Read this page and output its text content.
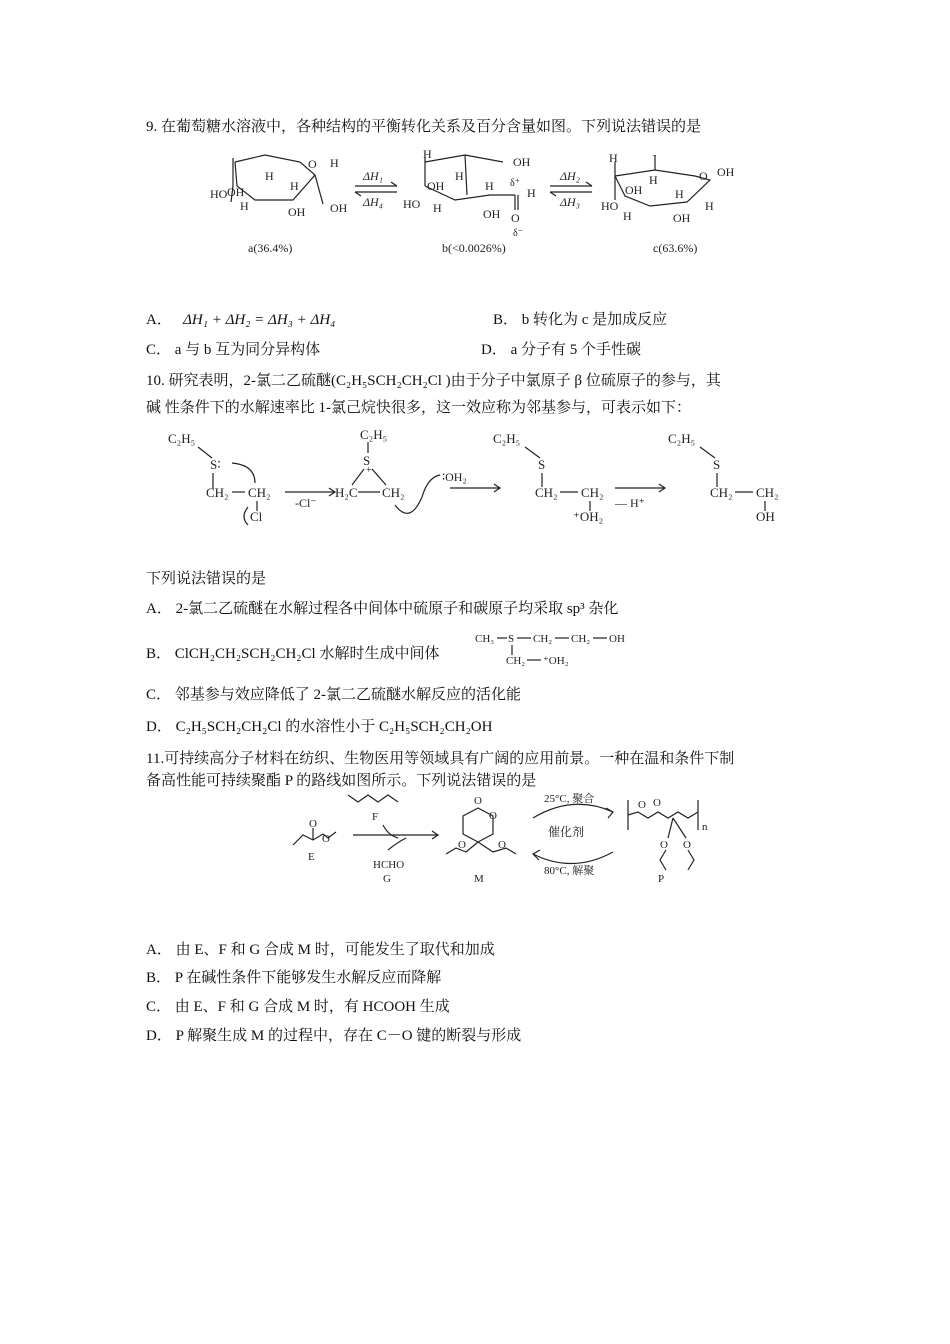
9. 在葡萄糖水溶液中，各种结构的平衡转化关系及百分含量如图。下列说法错误的是
O H
OH
H
HO
H
H
OH OH
a(36.4%)
ΔH₁
ΔH₄
H
OH
OH
H
HO H
H
OH
δ⁺
H
O
δ⁻
b(<0.0026%)
ΔH₂
ΔH₃
H	-
O OH
OH
H
HO
H
H
OH
H
c(63.6%)
A． ΔH₁ + ΔH₂ = ΔH₃ + ΔH₄	B． b 转化为 c 是加成反应
C． a 与 b 互为同分异构体	D． a 分子有 5 个手性碳
10. 研究表明，2-氯二乙硫醚(C₂H₅SCH₂CH₂Cl )由于分子中氯原子 β 位硫原子的参与，其
碱 性条件下的水解速率比 1-氯己烷快很多，这一效应称为邻基参与，可表示如下：
C₂H₅
S∶
CH₂ CH₂
Cl
-Cl⁻
C₂H₅
S
+
H₂C CH₂
∶OH₂
C₂H₅
S
CH₂ CH₂
⁺OH₂
— H⁺
C₂H₅
S
CH₂ CH₂
OH
下列说法错误的是
A． 2-氯二乙硫醚在水解过程各中间体中硫原子和碳原子均采取 sp³ 杂化
B． ClCH₂CH₂SCH₂CH₂Cl 水解时生成中间体
CH₃ S CH₂ CH₂ OH
CH₂ ⁺OH₂
C． 邻基参与效应降低了 2-氯二乙硫醚水解反应的活化能
D． C₂H₅SCH₂CH₂Cl 的水溶性小于 C₂H₅SCH₂CH₂OH
11.可持续高分子材料在纺织、生物医用等领域具有广阔的应用前景。一种在温和条件下制
备高性能可持续聚酯 P 的路线如图所示。下列说法错误的是
O
O
E
F
HCHO
G
O
O
O	O
M
25°C, 聚合
催化剂
80°C, 解聚
O O
n
O O
P
A． 由 E、F 和 G 合成 M 时，可能发生了取代和加成
B． P 在碱性条件下能够发生水解反应而降解
C． 由 E、F 和 G 合成 M 时，有 HCOOH 生成
D． P 解聚生成 M 的过程中，存在 C－O 键的断裂与形成
